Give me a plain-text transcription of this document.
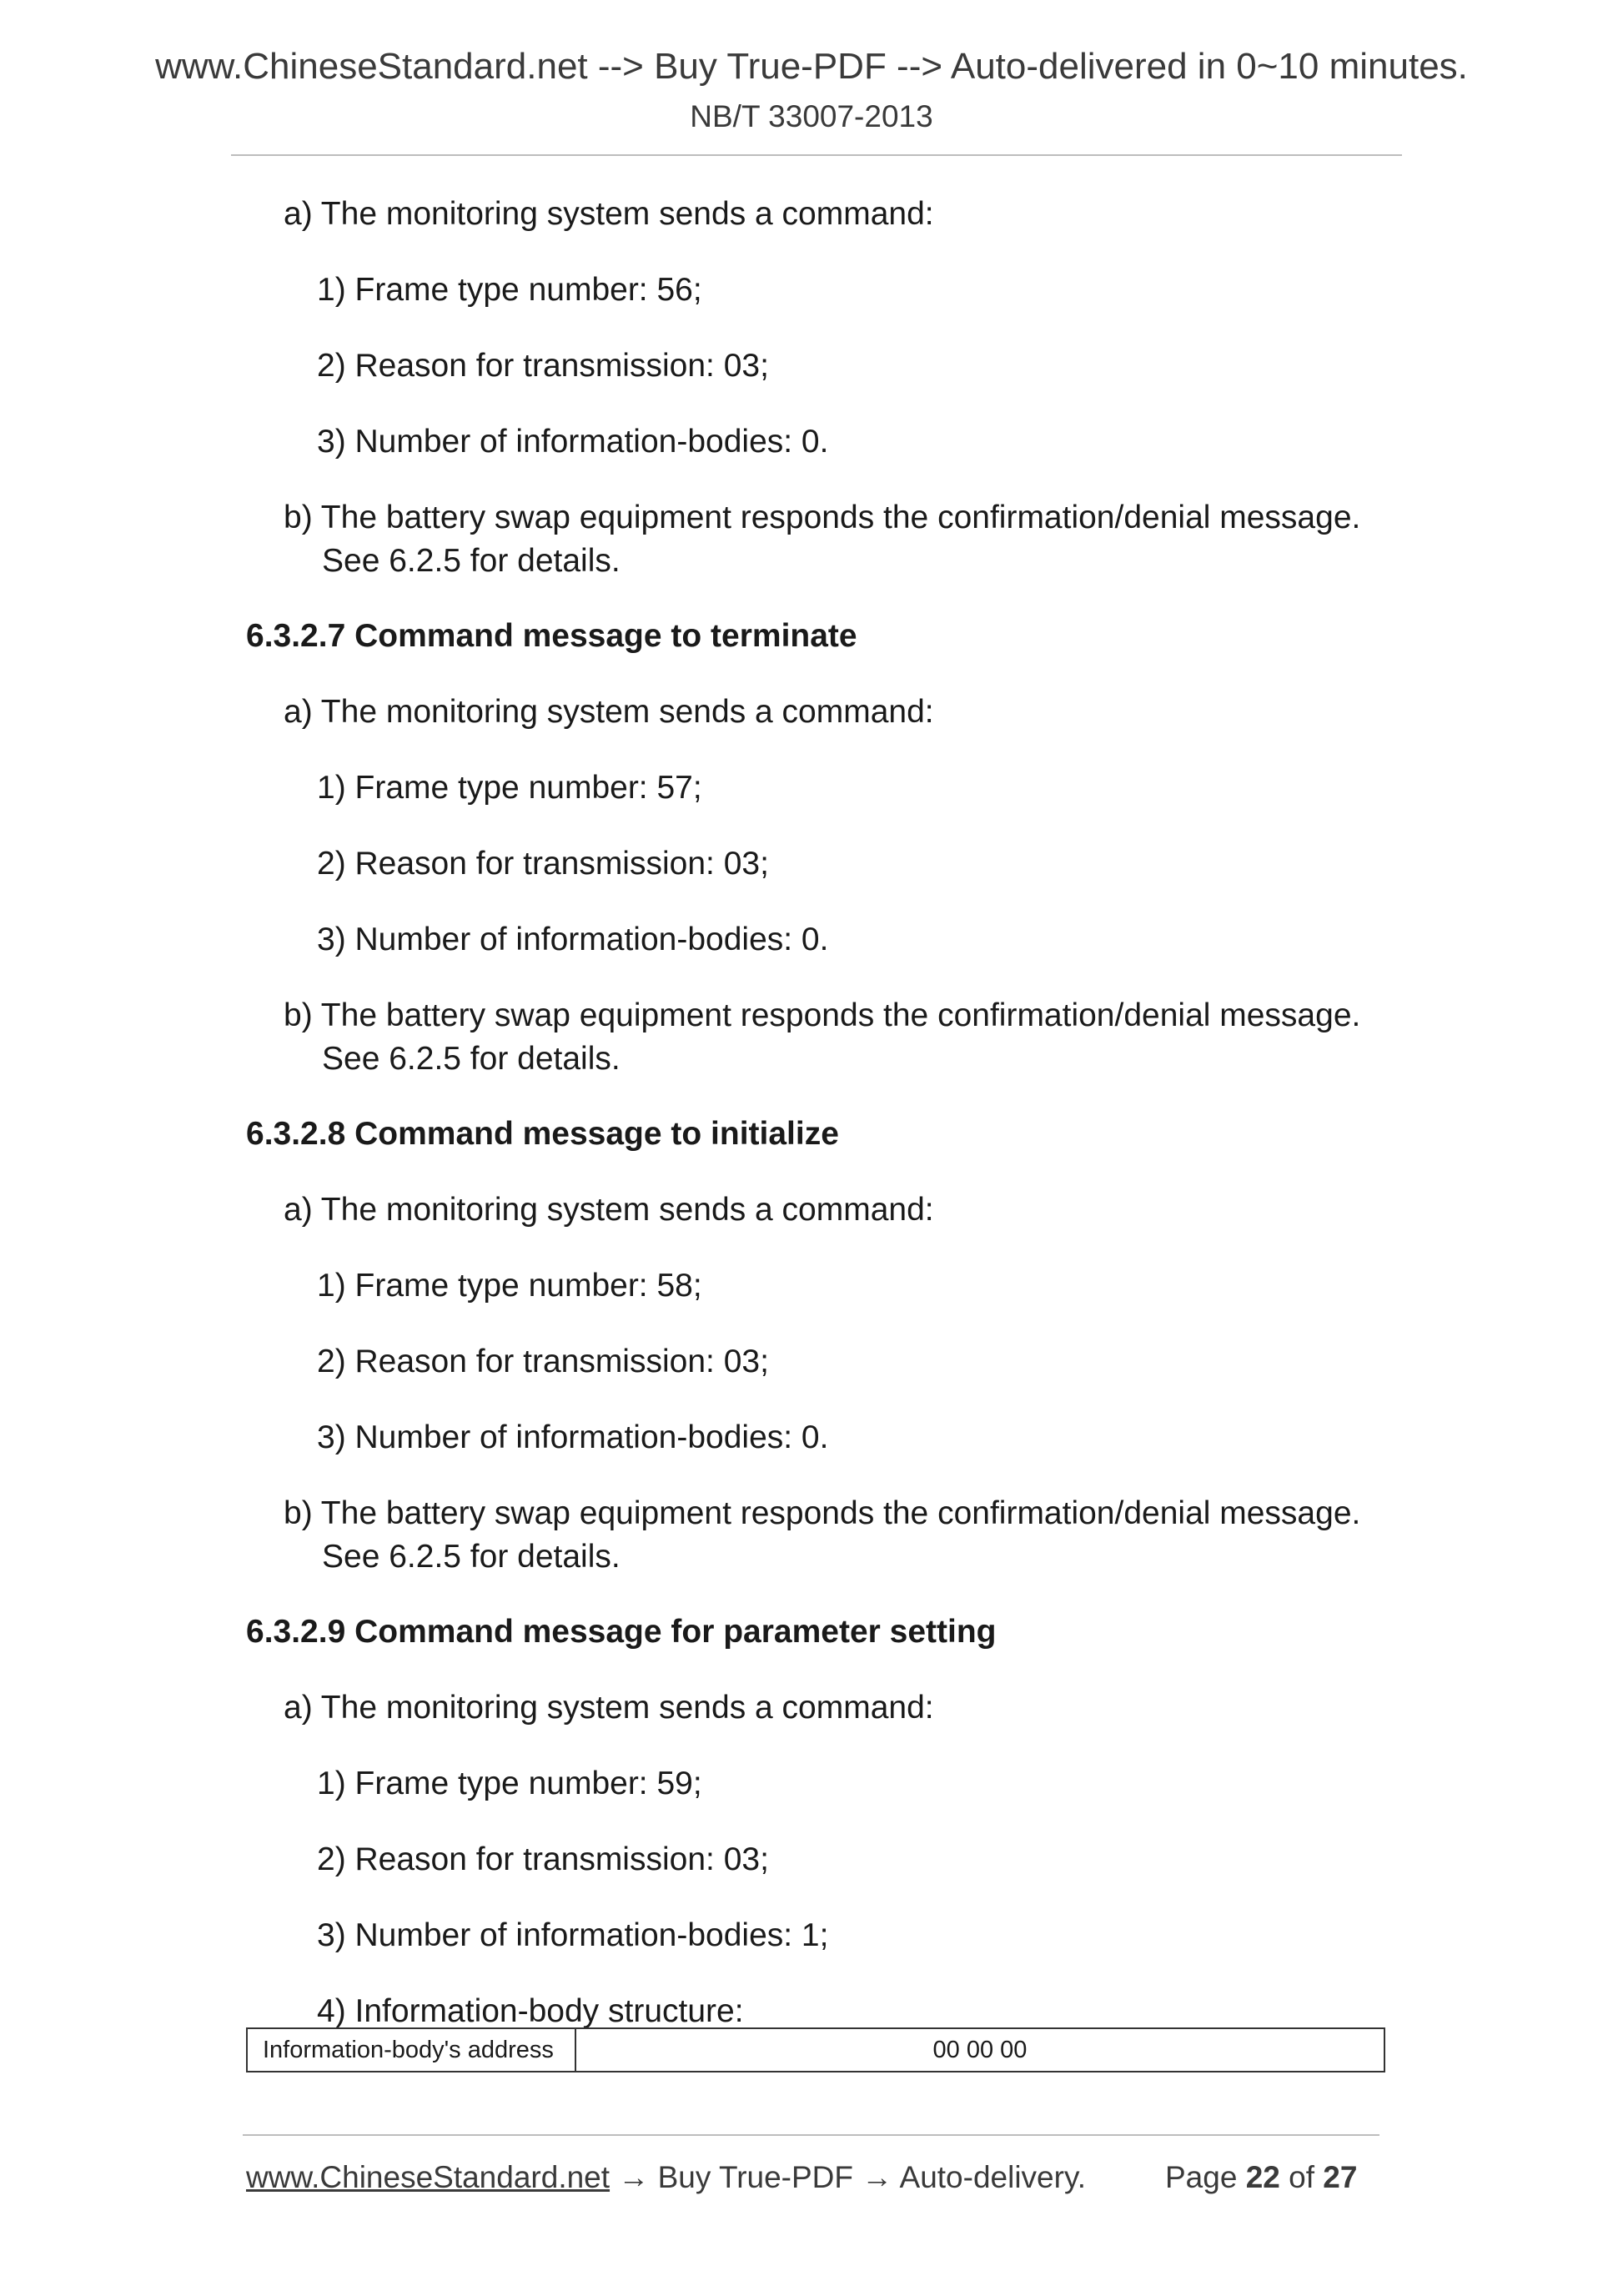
www.ChineseStandard.net --> Buy True-PDF --> Auto-delivered in 0~10 minutes.
NB/T 33007-2013
a) The monitoring system sends a command:
1) Frame type number: 56;
2) Reason for transmission: 03;
3) Number of information-bodies: 0.
b) The battery swap equipment responds the confirmation/denial message.
See 6.2.5 for details.
6.3.2.7 Command message to terminate
a) The monitoring system sends a command:
1) Frame type number: 57;
2) Reason for transmission: 03;
3) Number of information-bodies: 0.
b) The battery swap equipment responds the confirmation/denial message.
See 6.2.5 for details.
6.3.2.8 Command message to initialize
a) The monitoring system sends a command:
1) Frame type number: 58;
2) Reason for transmission: 03;
3) Number of information-bodies: 0.
b) The battery swap equipment responds the confirmation/denial message.
See 6.2.5 for details.
6.3.2.9 Command message for parameter setting
a) The monitoring system sends a command:
1) Frame type number: 59;
2) Reason for transmission: 03;
3) Number of information-bodies: 1;
4) Information-body structure:
Information-body's address	00 00 00
www.ChineseStandard.net → Buy True-PDF → Auto-delivery.	Page 22 of 27
